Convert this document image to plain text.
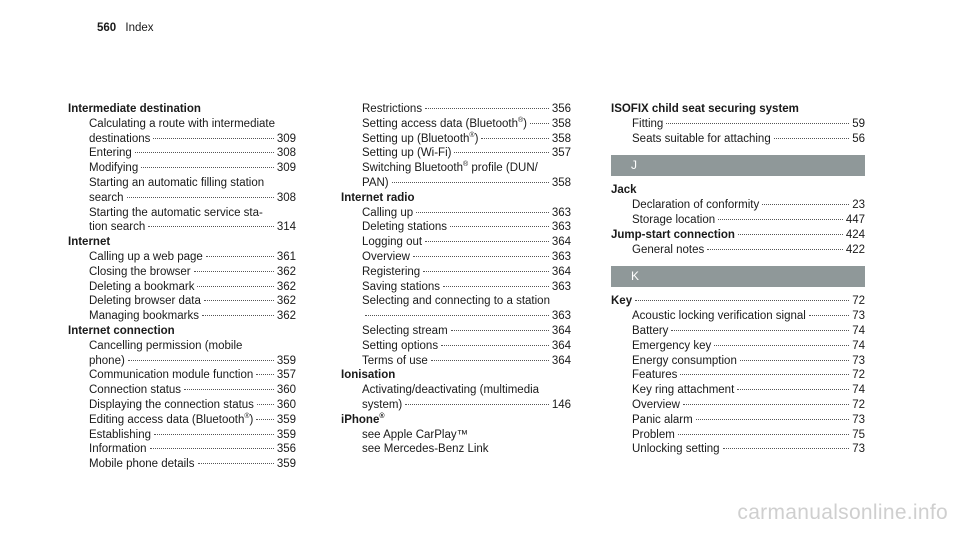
560 Index
Intermediate destination
Calculating a route with intermediate
destinations	309
Entering	308
Modifying	309
Starting an automatic filling station
search	308
Starting the automatic service sta-
tion search	314
Internet
Calling up a web page	361
Closing the browser	362
Deleting a bookmark	362
Deleting browser data	362
Managing bookmarks	362
Internet connection
Cancelling permission (mobile
phone)	359
Communication module function 357
Connection status	360
Displaying the connection status 360
Editing access data (Bluetooth®) 359
Establishing	359
Information	356
Mobile phone details	359
Restrictions	356
Setting access data (Bluetooth®) 358
Setting up (Bluetooth®)	358
Setting up (Wi-Fi)	357
Switching Bluetooth® profile (DUN/
PAN)	358
Internet radio
Calling up	363
Deleting stations	363
Logging out	364
Overview	363
Registering	364
Saving stations	363
Selecting and connecting to a station
363
Selecting stream	364
Setting options	364
Terms of use	364
Ionisation
Activating/deactivating (multimedia
system)	146
iPhone®
see Apple CarPlay™
see Mercedes-Benz Link
ISOFIX child seat securing system
Fitting	59
Seats suitable for attaching	56
J
Jack
Declaration of conformity	23
Storage location	447
Jump-start connection	424
General notes	422
K
Key	72
Acoustic locking verification signal	73
Battery	74
Emergency key	74
Energy consumption	73
Features	72
Key ring attachment	74
Overview	72
Panic alarm	73
Problem	75
Unlocking setting	73
carmanualsonline.info
